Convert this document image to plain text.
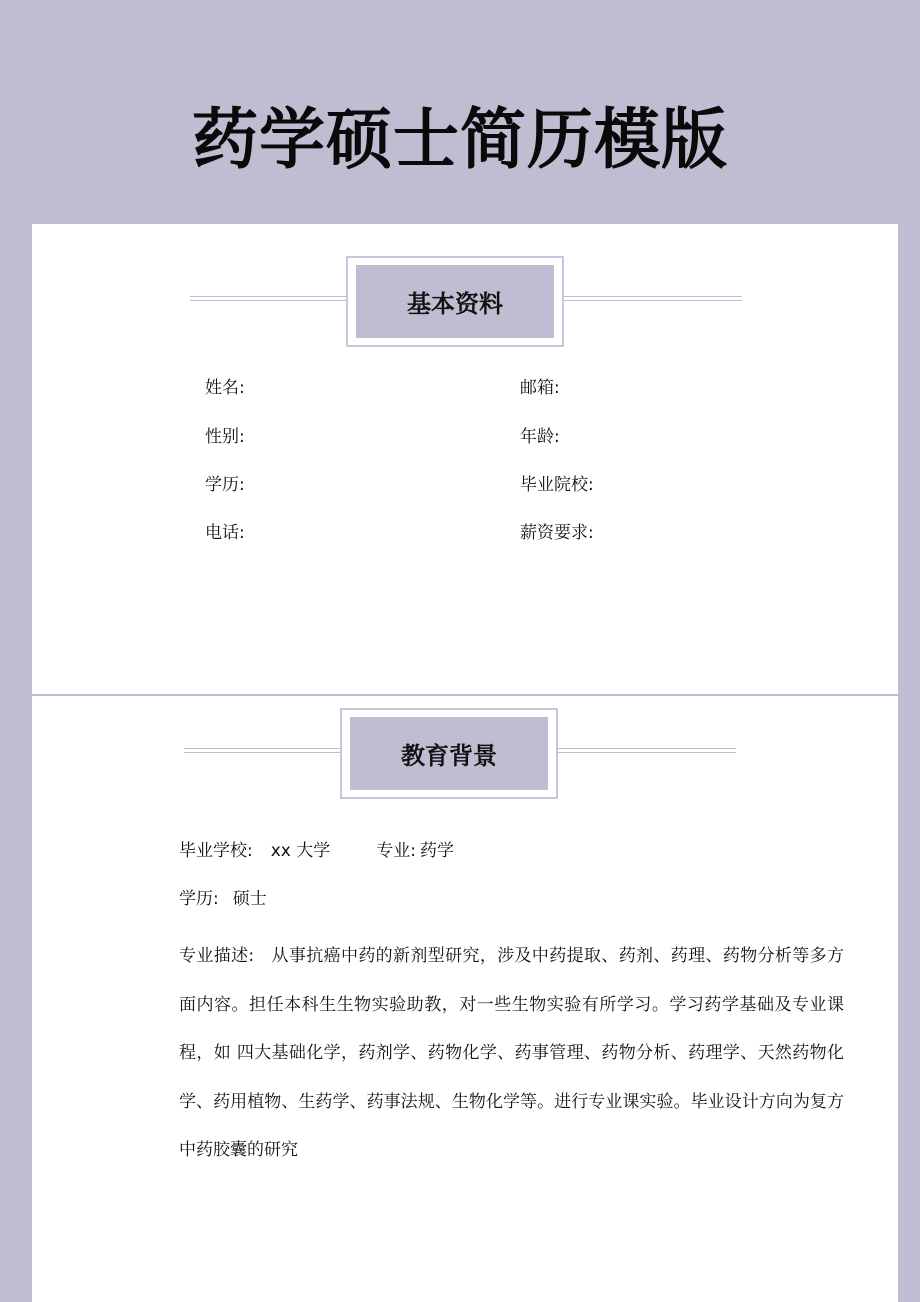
药学硕士简历模版
基本资料
姓名:	邮箱:
性别:	年龄:
学历:	毕业院校:
电话:	薪资要求:
教育背景
毕业学校: xx 大学	专业: 药学
学历: 硕士
专业描述: 从事抗癌中药的新剂型研究，涉及中药提取、药剂、药理、药物分析等多方面内容。担任本科生生物实验助教，对一些生物实验有所学习。学习药学基础及专业课程，如 四大基础化学，药剂学、药物化学、药事管理、药物分析、药理学、天然药物化学、药用植物、生药学、药事法规、生物化学等。进行专业课实验。毕业设计方向为复方中药胶囊的研究
